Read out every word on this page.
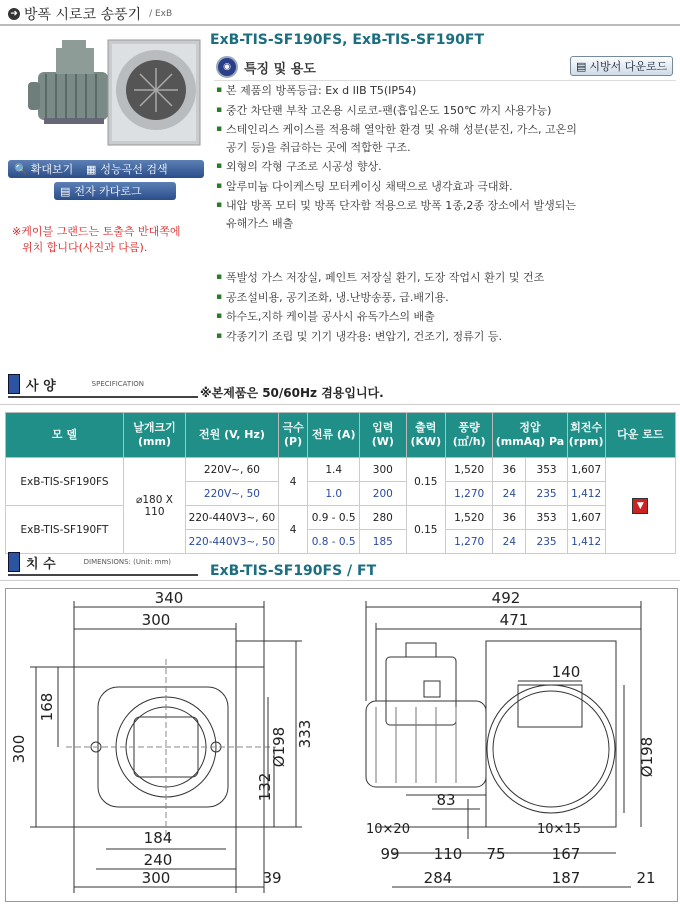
➜ 방폭 시로코 송풍기 / ExB
🔍 확대보기 ▦ 성능곡선 검색
▤ 전자 카다로그
※케이블 그랜드는 토출측 반대쪽에
위치 합니다(사진과 다름).
ExB-TIS-SF190FS, ExB-TIS-SF190FT
◉	특징 및 용도	▤ 시방서 다운로드
▪ 본 제품의 방폭등급: Ex d IIB T5(IP54)
▪ 중간 차단팬 부착 고온용 시로코-팬(흡입온도 150℃ 까지 사용가능)
▪ 스테인리스 케이스를 적용해 열악한 환경 및 유해 성분(분진, 가스, 고온의
공기 등)을 취급하는 곳에 적합한 구조.
▪ 외형의 각형 구조로 시공성 향상.
▪ 알루미늄 다이케스팅 모터케이싱 채택으로 냉각효과 극대화.
▪ 내압 방폭 모터 및 방폭 단자함 적용으로 방폭 1종,2종 장소에서 발생되는
유해가스 배출
▪ 폭발성 가스 저장실, 페인트 저장실 환기, 도장 작업시 환기 및 건조
▪ 공조설비용, 공기조화, 냉.난방송풍, 급.배기용.
▪ 하수도,지하 케이블 공사시 유독가스의 배출
▪ 각종기기 조립 및 기기 냉각용: 변압기, 건조기, 정류기 등.
사 양	SPECIFICATION
※본제품은 50/60Hz 겸용입니다.
모 델	날개크기 (mm)	전원 (V, Hz)	극수 (P)	전류 (A)	입력 (W)	출력 (KW)	풍량 (㎥/h)	정압 (mmAq) Pa		회전수 (rpm)	다운 로드
ExB-TIS-SF190FS	⌀180 X 110	220V~, 60	4	1.4	300	0.15	1,520	36	353	1,607	▼
		220V~, 50		1.0	200		1,270	24	235	1,412	
ExB-TIS-SF190FT		220-440V3~, 60	4	0.9 - 0.5	280	0.15	1,520	36	353	1,607	
		220-440V3~, 50		0.8 - 0.5	185		1,270	24	235	1,412	
치 수	DIMENSIONS: (Unit: mm)
ExB-TIS-SF190FS / FT
340
300
300
168
Ø198 333
132
184
240
300	39
492
471
140
Ø198
83
10×20	10×15
99 110 75	167
284	187	21
